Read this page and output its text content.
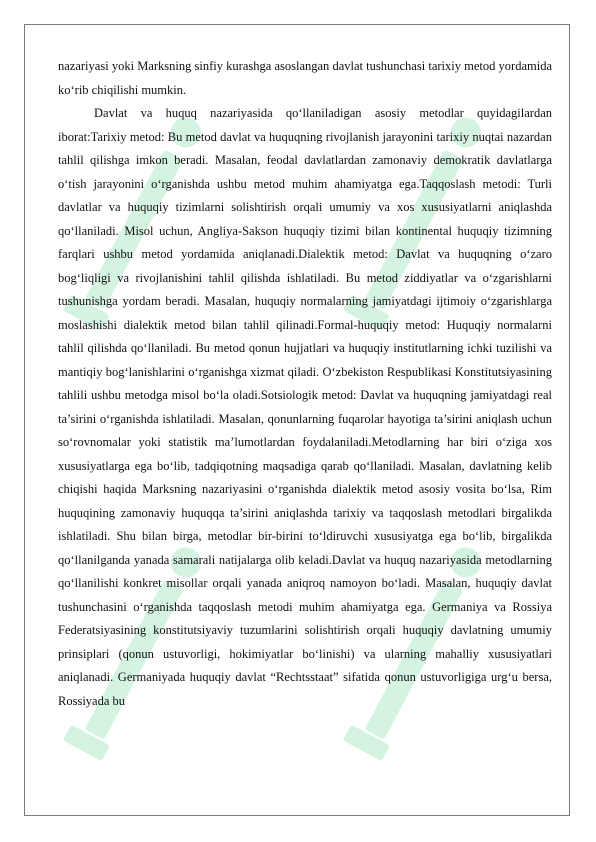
nazariyasi yoki Marksning sinfiy kurashga asoslangan davlat tushunchasi tarixiy metod yordamida ko‘rib chiqilishi mumkin.

Davlat va huquq nazariyasida qo‘llaniladigan asosiy metodlar quyidagilardan iborat:Tarixiy metod: Bu metod davlat va huquqning rivojlanish jarayonini tarixiy nuqtai nazardan tahlil qilishga imkon beradi. Masalan, feodal davlatlardan zamonaviy demokratik davlatlarga o‘tish jarayonini o‘rganishda ushbu metod muhim ahamiyatga ega.Taqqoslash metodi: Turli davlatlar va huquqiy tizimlarni solishtirish orqali umumiy va xos xususiyatlarni aniqlashda qo‘llaniladi. Misol uchun, Angliya-Sakson huquqiy tizimi bilan kontinental huquqiy tizimning farqlari ushbu metod yordamida aniqlanadi.Dialektik metod: Davlat va huquqning o‘zaro bog‘liqligi va rivojlanishini tahlil qilishda ishlatiladi. Bu metod ziddiyatlar va o‘zgarishlarni tushunishga yordam beradi. Masalan, huquqiy normalarning jamiyatdagi ijtimoiy o‘zgarishlarga moslashishi dialektik metod bilan tahlil qilinadi.Formal-huquqiy metod: Huquqiy normalarni tahlil qilishda qo‘llaniladi. Bu metod qonun hujjatlari va huquqiy institutlarning ichki tuzilishi va mantiqiy bog‘lanishlarini o‘rganishga xizmat qiladi. O‘zbekiston Respublikasi Konstitutsiyasining tahlili ushbu metodga misol bo‘la oladi.Sotsiologik metod: Davlat va huquqning jamiyatdagi real ta’sirini o‘rganishda ishlatiladi. Masalan, qonunlarning fuqarolar hayotiga ta’sirini aniqlash uchun so‘rovnomalar yoki statistik ma’lumotlardan foydalaniladi.Metodlarning har biri o‘ziga xos xususiyatlarga ega bo‘lib, tadqiqotning maqsadiga qarab qo‘llaniladi. Masalan, davlatning kelib chiqishi haqida Marksning nazariyasini o‘rganishda dialektik metod asosiy vosita bo‘lsa, Rim huquqining zamonaviy huquqqa ta’sirini aniqlashda tarixiy va taqqoslash metodlari birgalikda ishlatiladi. Shu bilan birga, metodlar bir-birini to‘ldiruvchi xususiyatga ega bo‘lib, birgalikda qo‘llanilganda yanada samarali natijalarga olib keladi.Davlat va huquq nazariyasida metodlarning qo‘llanilishi konkret misollar orqali yanada aniqroq namoyon bo‘ladi. Masalan, huquqiy davlat tushunchasini o‘rganishda taqqoslash metodi muhim ahamiyatga ega. Germaniya va Rossiya Federatsiyasining konstitutsiyaviy tuzumlarini solishtirish orqali huquqiy davlatning umumiy prinsiplari (qonun ustuvorligi, hokimiyatlar bo‘linishi) va ularning mahalliy xususiyatlari aniqlanadi. Germaniyada huquqiy davlat “Rechtsstaat” sifatida qonun ustuvorligiga urg‘u bersa, Rossiyada bu
